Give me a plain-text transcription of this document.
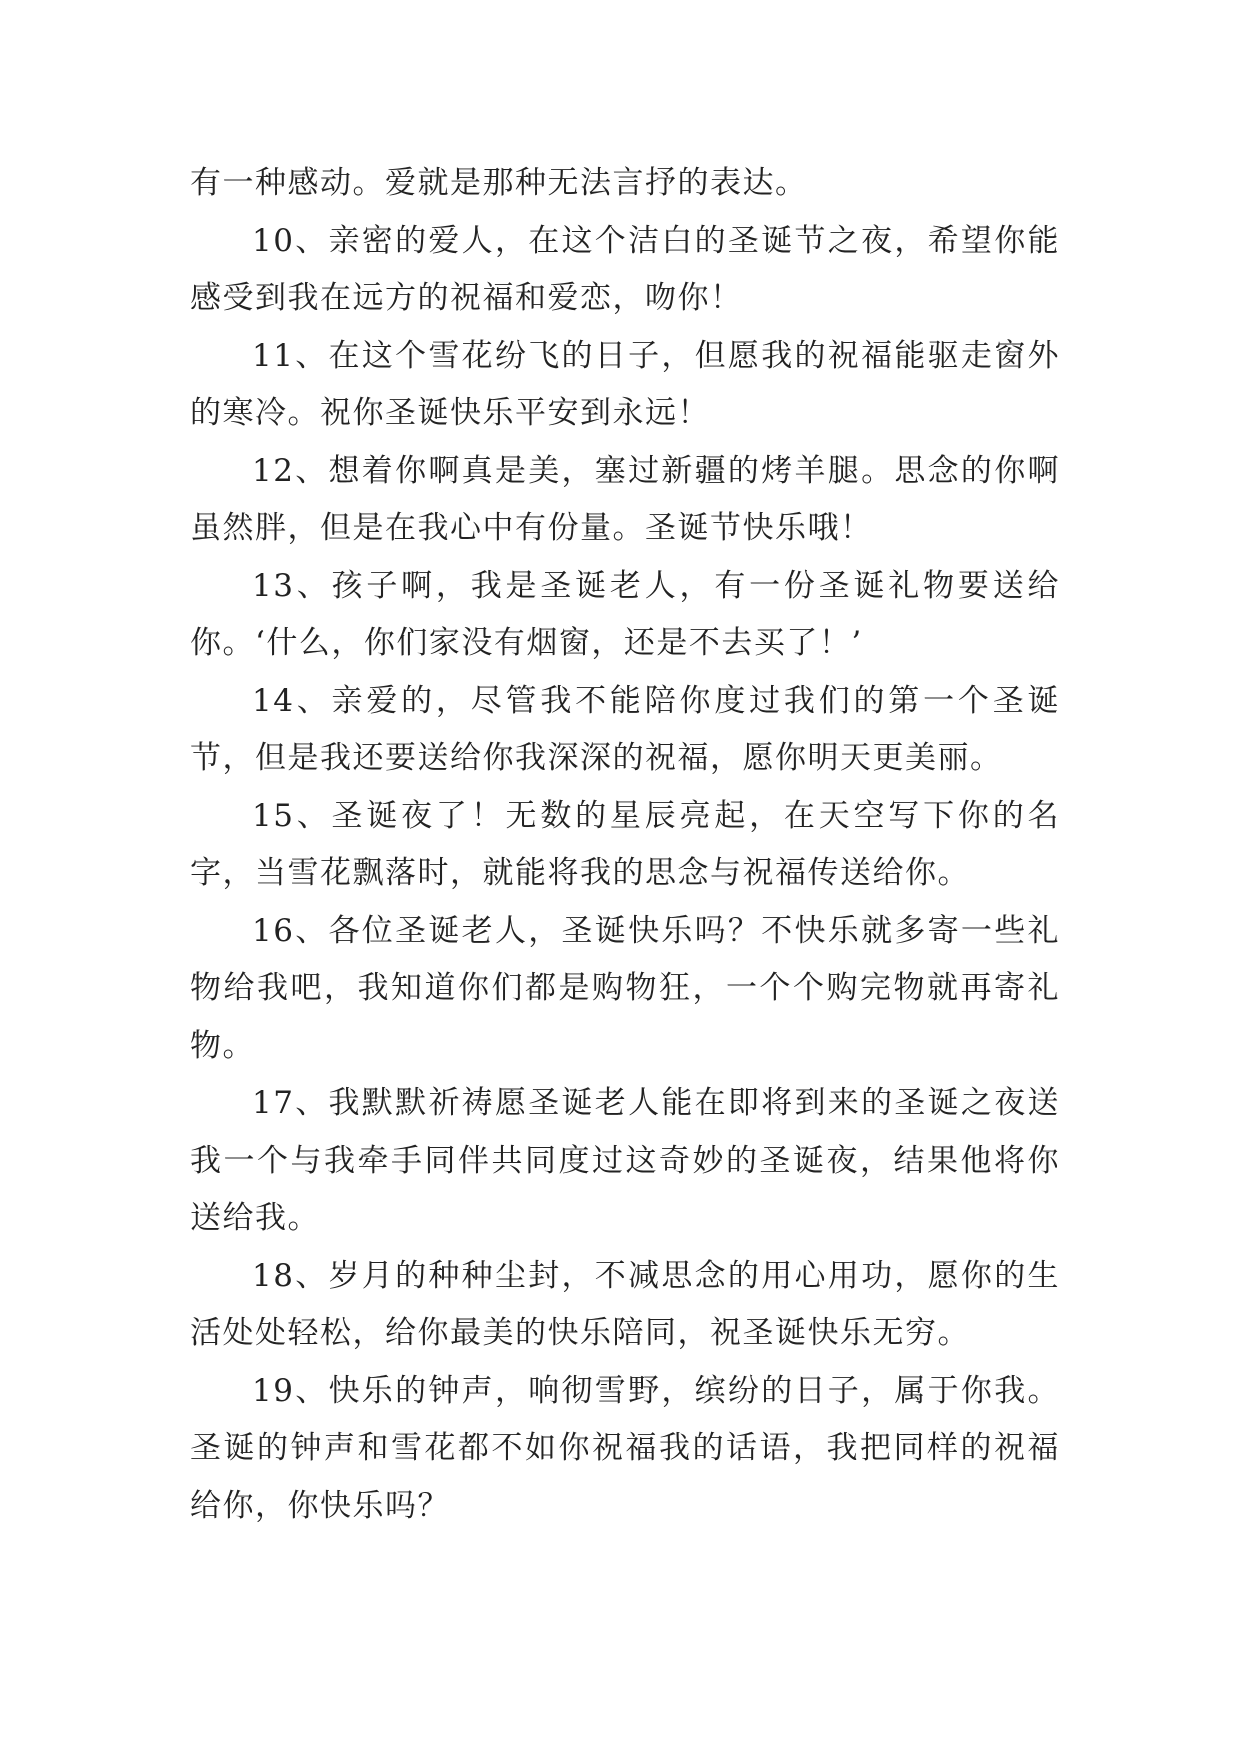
有一种感动。爱就是那种无法言抒的表达。

10、亲密的爱人，在这个洁白的圣诞节之夜，希望你能感受到我在远方的祝福和爱恋，吻你！

11、在这个雪花纷飞的日子，但愿我的祝福能驱走窗外的寒冷。祝你圣诞快乐平安到永远！

12、想着你啊真是美，塞过新疆的烤羊腿。思念的你啊虽然胖，但是在我心中有份量。圣诞节快乐哦！

13、孩子啊，我是圣诞老人，有一份圣诞礼物要送给你。‘什么，你们家没有烟窗，还是不去买了！’

14、亲爱的，尽管我不能陪你度过我们的第一个圣诞节，但是我还要送给你我深深的祝福，愿你明天更美丽。

15、圣诞夜了！无数的星辰亮起，在天空写下你的名字，当雪花飘落时，就能将我的思念与祝福传送给你。

16、各位圣诞老人，圣诞快乐吗？不快乐就多寄一些礼物给我吧，我知道你们都是购物狂，一个个购完物就再寄礼物。

17、我默默祈祷愿圣诞老人能在即将到来的圣诞之夜送我一个与我牵手同伴共同度过这奇妙的圣诞夜，结果他将你送给我。

18、岁月的种种尘封，不减思念的用心用功，愿你的生活处处轻松，给你最美的快乐陪同，祝圣诞快乐无穷。

19、快乐的钟声，响彻雪野，缤纷的日子，属于你我。圣诞的钟声和雪花都不如你祝福我的话语，我把同样的祝福给你，你快乐吗？
